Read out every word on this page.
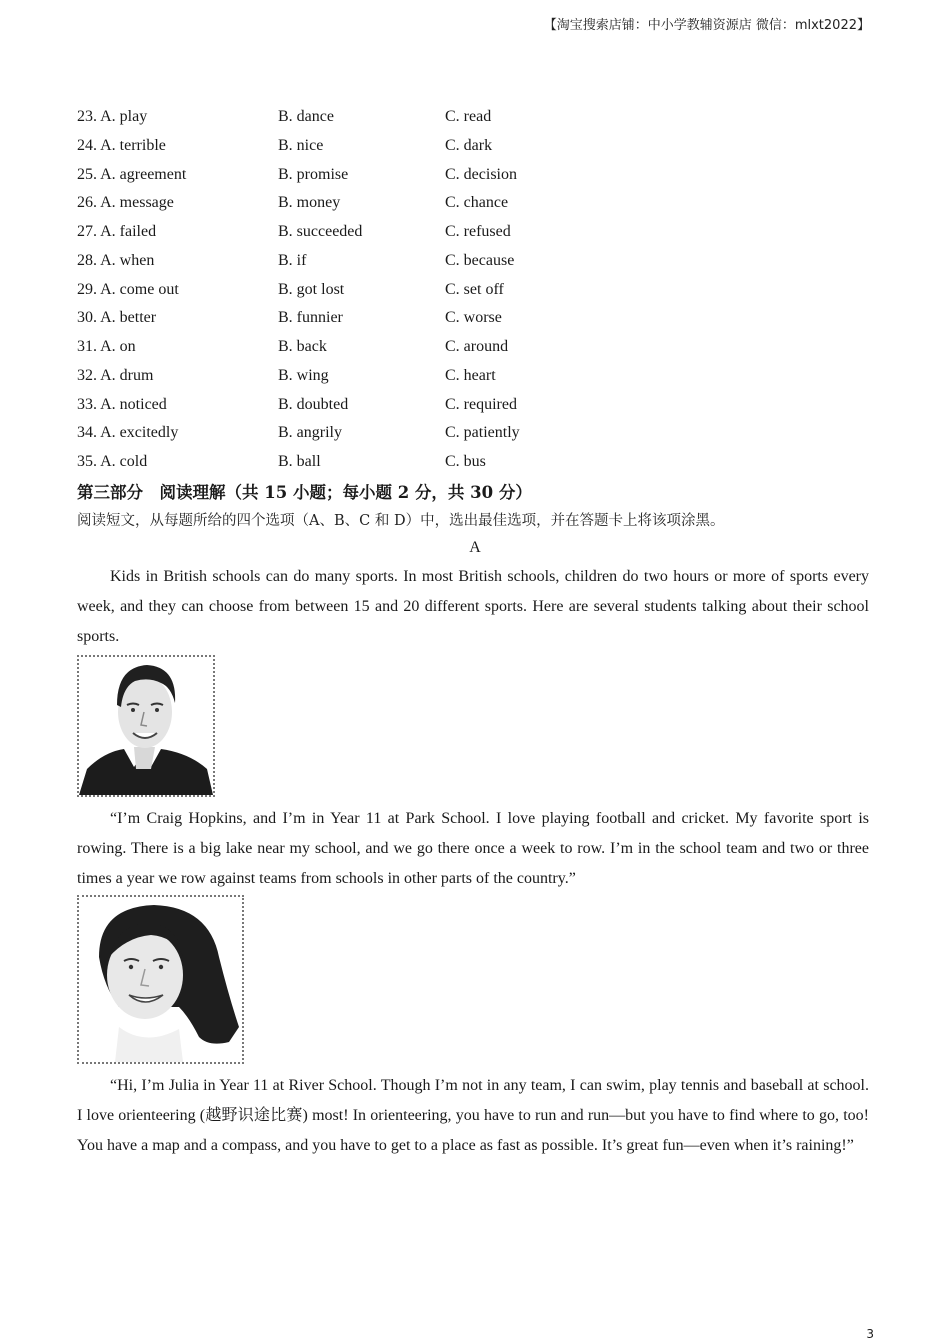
【淘宝搜索店铺：中小学教辅资源店 微信：mlxt2022】
23. A. play	B. dance	C. read
24. A. terrible	B. nice	C. dark
25. A. agreement	B. promise	C. decision
26. A. message	B. money	C. chance
27. A. failed	B. succeeded	C. refused
28. A. when	B. if	C. because
29. A. come out	B. got lost	C. set off
30. A. better	B. funnier	C. worse
31. A. on	B. back	C. around
32. A. drum	B. wing	C. heart
33. A. noticed	B. doubted	C. required
34. A. excitedly	B. angrily	C. patiently
35. A. cold	B. ball	C. bus
第三部分　阅读理解（共 15 小题；每小题 2 分，共 30 分）
阅读短文，从每题所给的四个选项（A、B、C 和 D）中，选出最佳选项，并在答题卡上将该项涂黑。
A

Kids in British schools can do many sports. In most British schools, children do two hours or more of sports every week, and they can choose from between 15 and 20 different sports. Here are several students talking about their school sports.

“I’m Craig Hopkins, and I’m in Year 11 at Park School. I love playing football and cricket. My favorite sport is rowing. There is a big lake near my school, and we go there once a week to row. I’m in the school team and two or three times a year we row against teams from schools in other parts of the country.”

“Hi, I’m Julia in Year 11 at River School. Though I’m not in any team, I can swim, play tennis and baseball at school. I love orienteering (越野识途比赛) most! In orienteering, you have to run and run—but you have to find where to go, too! You have a map and a compass, and you have to get to a place as fast as possible. It’s great fun—even when it’s raining!”

3
